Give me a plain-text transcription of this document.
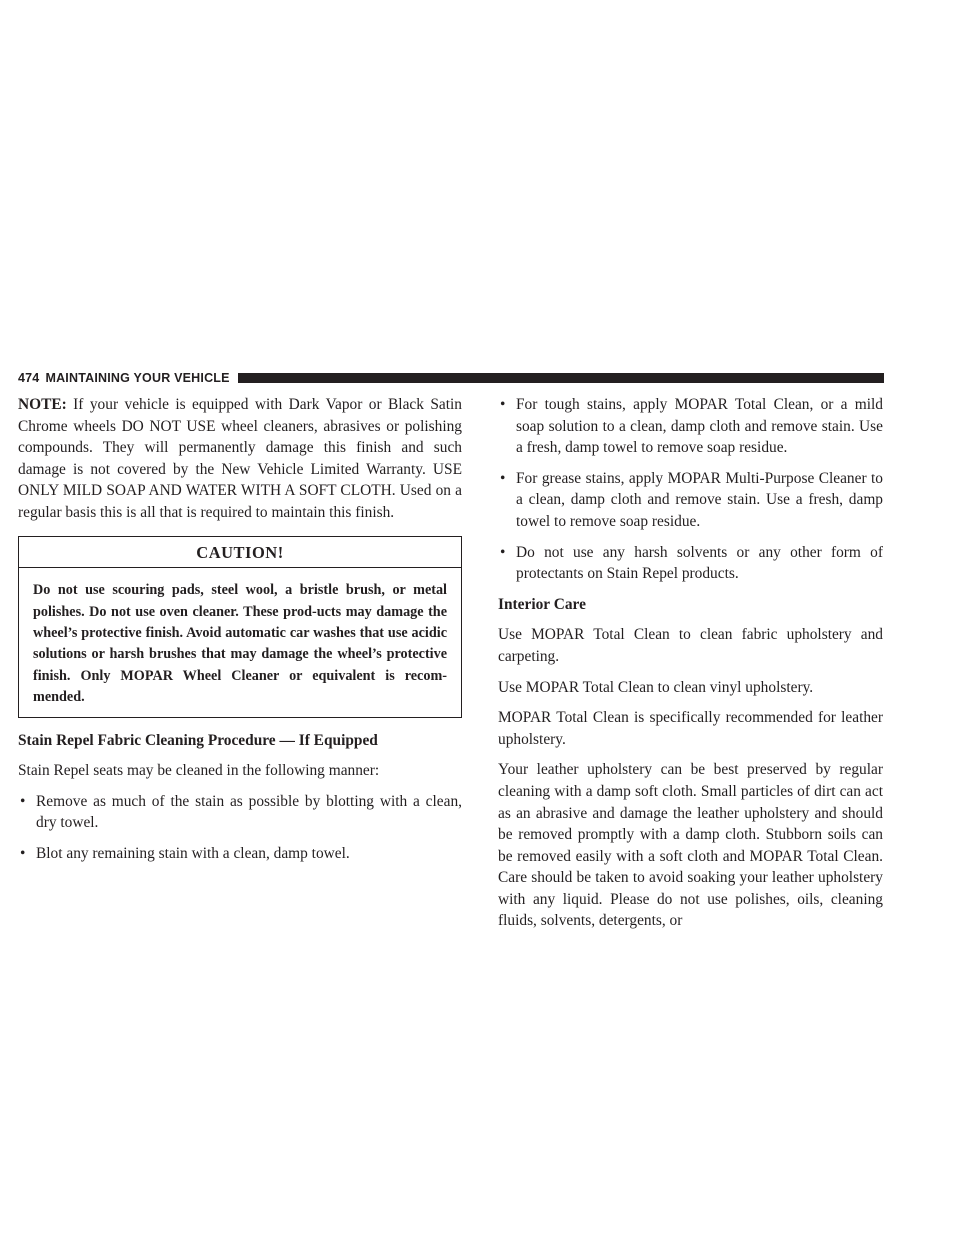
474 MAINTAINING YOUR VEHICLE

NOTE: If your vehicle is equipped with Dark Vapor or Black Satin Chrome wheels DO NOT USE wheel cleaners, abrasives or polishing compounds. They will permanently damage this finish and such damage is not covered by the New Vehicle Limited Warranty. USE ONLY MILD SOAP AND WATER WITH A SOFT CLOTH. Used on a regular basis this is all that is required to maintain this finish.

CAUTION!
Do not use scouring pads, steel wool, a bristle brush, or metal polishes. Do not use oven cleaner. These prod-ucts may damage the wheel’s protective finish. Avoid automatic car washes that use acidic solutions or harsh brushes that may damage the wheel’s protective finish. Only MOPAR Wheel Cleaner or equivalent is recom-mended.
Stain Repel Fabric Cleaning Procedure — If Equipped

Stain Repel seats may be cleaned in the following manner:

• Remove as much of the stain as possible by blotting with a clean, dry towel.
• Blot any remaining stain with a clean, damp towel.
• For tough stains, apply MOPAR Total Clean, or a mild soap solution to a clean, damp cloth and remove stain. Use a fresh, damp towel to remove soap residue.
• For grease stains, apply MOPAR Multi-Purpose Cleaner to a clean, damp cloth and remove stain. Use a fresh, damp towel to remove soap residue.
• Do not use any harsh solvents or any other form of protectants on Stain Repel products.
Interior Care

Use MOPAR Total Clean to clean fabric upholstery and carpeting.

Use MOPAR Total Clean to clean vinyl upholstery.

MOPAR Total Clean is specifically recommended for leather upholstery.

Your leather upholstery can be best preserved by regular cleaning with a damp soft cloth. Small particles of dirt can act as an abrasive and damage the leather upholstery and should be removed promptly with a damp cloth. Stubborn soils can be removed easily with a soft cloth and MOPAR Total Clean. Care should be taken to avoid soaking your leather upholstery with any liquid. Please do not use polishes, oils, cleaning fluids, solvents, detergents, or
